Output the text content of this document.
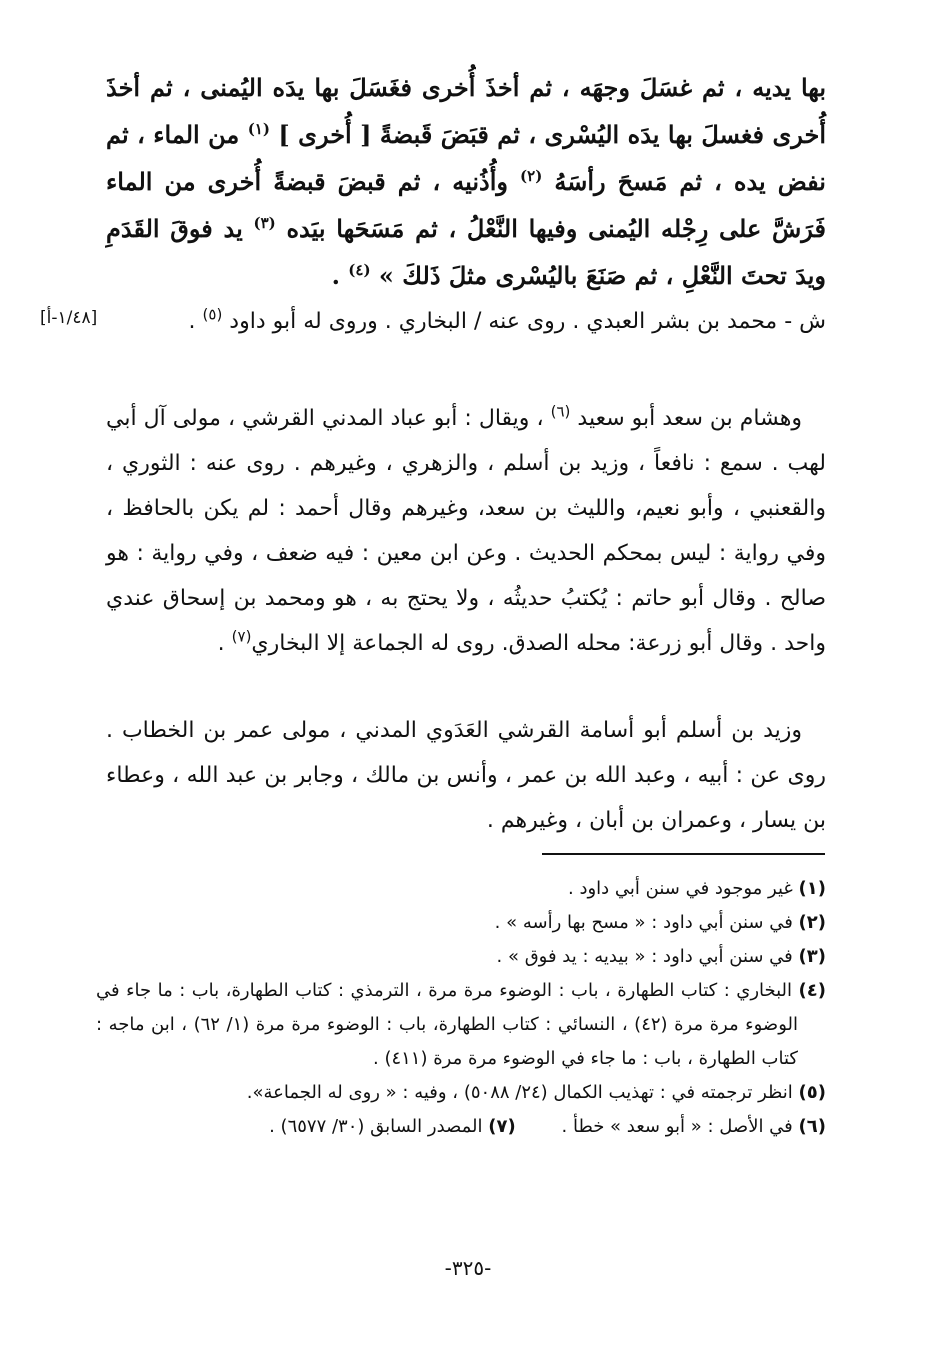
بها يديه ، ثم غسَلَ وجهَه ، ثم أخذَ أُخرى فغَسَلَ بها يدَه اليُمنى ، ثم أخذَ أُخرى فغسلَ بها يدَه اليُسْرى ، ثم قبَضَ قَبضةً [ أُخرى ] $^{(١)}$ من الماء ، ثم نفض يده ، ثم مَسحَ رأسَهُ $^{(٢)}$ وأُذُنيه ، ثم قبضَ قبضةً أُخرى من الماء فَرَشَّ على رِجْله اليُمنى وفيها النَّعْلُ ، ثم مَسَحَها بيَده $^{(٣)}$ يد فوقَ القَدَمِ ويدَ تحتَ النَّعْلِ ، ثم صَنَعَ باليُسْرى مثلَ ذَلكَ » $^{(٤)}$ .
ش - محمد بن بشر العبدي . روى عنه / البخاري . وروى له أبو داود $^{(٥)}$ .
[١/٤٨-أ]
وهشام بن سعد أبو سعيد $^{(٦)}$ ، ويقال : أبو عباد المدني القرشي ، مولى آل أبي لهب . سمع : نافعاً ، وزيد بن أسلم ، والزهري ، وغيرهم . روى عنه : الثوري ، والقعنبي ، وأبو نعيم، والليث بن سعد، وغيرهم وقال أحمد : لم يكن بالحافظ ، وفي رواية : ليس بمحكم الحديث . وعن ابن معين : فيه ضعف ، وفي رواية : هو صالح . وقال أبو حاتم : يُكتبُ حديثُه ، ولا يحتج به ، هو ومحمد بن إسحاق عندي واحد . وقال أبو زرعة: محله الصدق. روى له الجماعة إلا البخاري$^{(٧)}$ .
وزيد بن أسلم أبو أسامة القرشي العَدَوي المدني ، مولى عمر بن الخطاب . روى عن : أبيه ، وعبد الله بن عمر ، وأنس بن مالك ، وجابر بن عبد الله ، وعطاء بن يسار ، وعمران بن أبان ، وغيرهم .

(١) غير موجود في سنن أبي داود .

(٢) في سنن أبي داود : « مسح بها رأسه » .

(٣) في سنن أبي داود : « بيديه : يد فوق » .

(٤) البخاري : كتاب الطهارة ، باب : الوضوء مرة مرة ، الترمذي : كتاب الطهارة، باب : ما جاء في الوضوء مرة مرة (٤٢) ، النسائي : كتاب الطهارة، باب : الوضوء مرة مرة (١/ ٦٢) ، ابن ماجه : كتاب الطهارة ، باب : ما جاء في الوضوء مرة مرة (٤١١) .

(٥) انظر ترجمته في : تهذيب الكمال (٢٤/ ٥٠٨٨) ، وفيه : « روى له الجماعة».

(٦) في الأصل : « أبو سعد » خطأ .        (٧) المصدر السابق (٣٠/ ٦٥٧٧) .

-٣٢٥-
